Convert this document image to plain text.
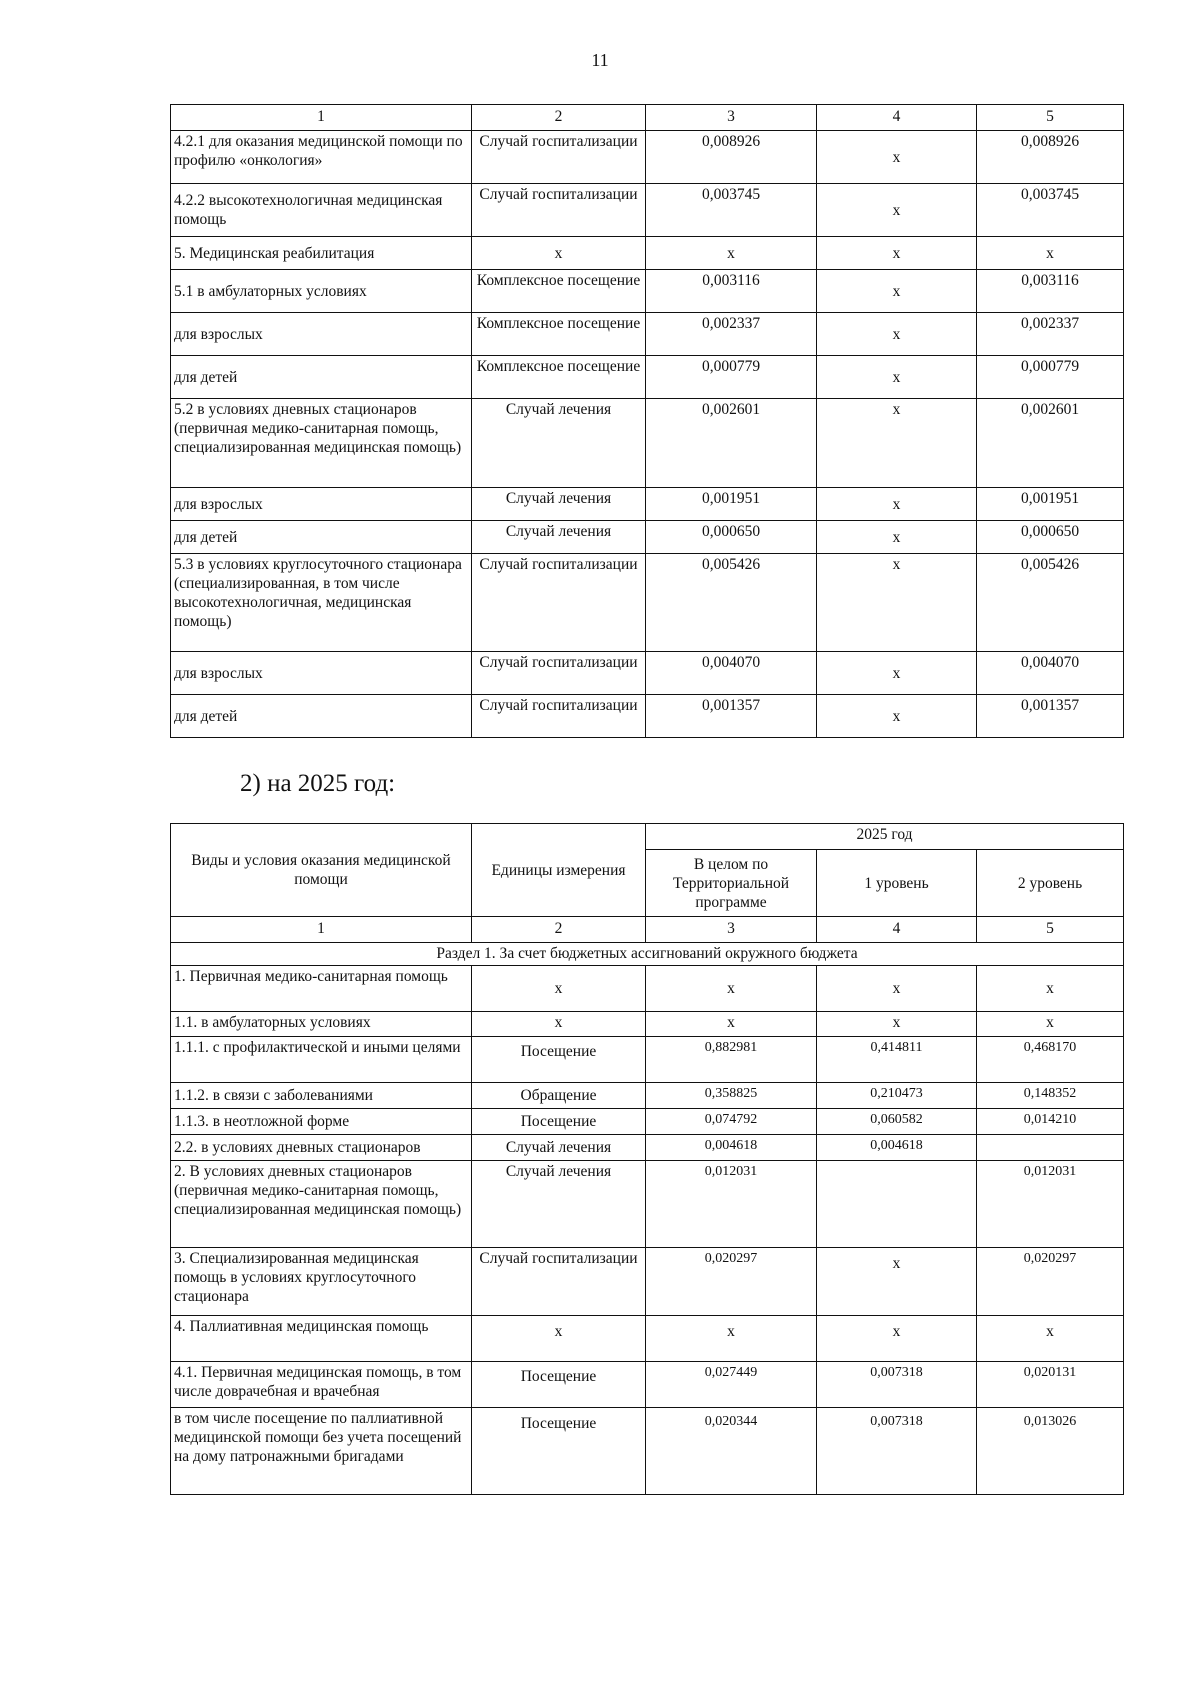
11
1	2	3	4	5
4.2.1 для оказания медицинской помощи по профилю «онкология»	Случай госпитализации	0,008926	х	0,008926
4.2.2 высокотехнологичная медицинская помощь	Случай госпитализации	0,003745	х	0,003745
5. Медицинская реабилитация	х	х	х	х
5.1 в амбулаторных условиях	Комплексное посещение	0,003116	х	0,003116
для взрослых	Комплексное посещение	0,002337	х	0,002337
для детей	Комплексное посещение	0,000779	х	0,000779
5.2 в условиях дневных стационаров (первичная медико-санитарная помощь, специализированная медицинская помощь)	Случай лечения	0,002601	х	0,002601
для взрослых	Случай лечения	0,001951	х	0,001951
для детей	Случай лечения	0,000650	х	0,000650
5.3 в условиях круглосуточного стационара (специализированная, в том числе высокотехнологичная, медицинская помощь)	Случай госпитализации	0,005426	х	0,005426
для взрослых	Случай госпитализации	0,004070	х	0,004070
для детей	Случай госпитализации	0,001357	х	0,001357
2) на 2025 год:
Виды и условия оказания медицинской помощи	Единицы измерения	2025 год		
		В целом по Территориальной программе	1 уровень	2 уровень
1	2	3	4	5
Раздел 1. За счет бюджетных ассигнований окружного бюджета				
1. Первичная медико-санитарная помощь	х	х	х	х
1.1. в амбулаторных условиях	х	х	х	х
1.1.1. с профилактической и иными целями	Посещение	0,882981	0,414811	0,468170
1.1.2. в связи с заболеваниями	Обращение	0,358825	0,210473	0,148352
1.1.3. в неотложной форме	Посещение	0,074792	0,060582	0,014210
2.2. в условиях дневных стационаров	Случай лечения	0,004618	0,004618	
2. В условиях дневных стационаров (первичная медико-санитарная помощь, специализированная медицинская помощь)	Случай лечения	0,012031		0,012031
3. Специализированная медицинская помощь в условиях круглосуточного стационара	Случай госпитализации	0,020297	х	0,020297
4. Паллиативная медицинская помощь	х	х	х	х
4.1. Первичная медицинская помощь, в том числе доврачебная и врачебная	Посещение	0,027449	0,007318	0,020131
в том числе посещение по паллиативной медицинской помощи без учета посещений на дому патронажными бригадами	Посещение	0,020344	0,007318	0,013026
